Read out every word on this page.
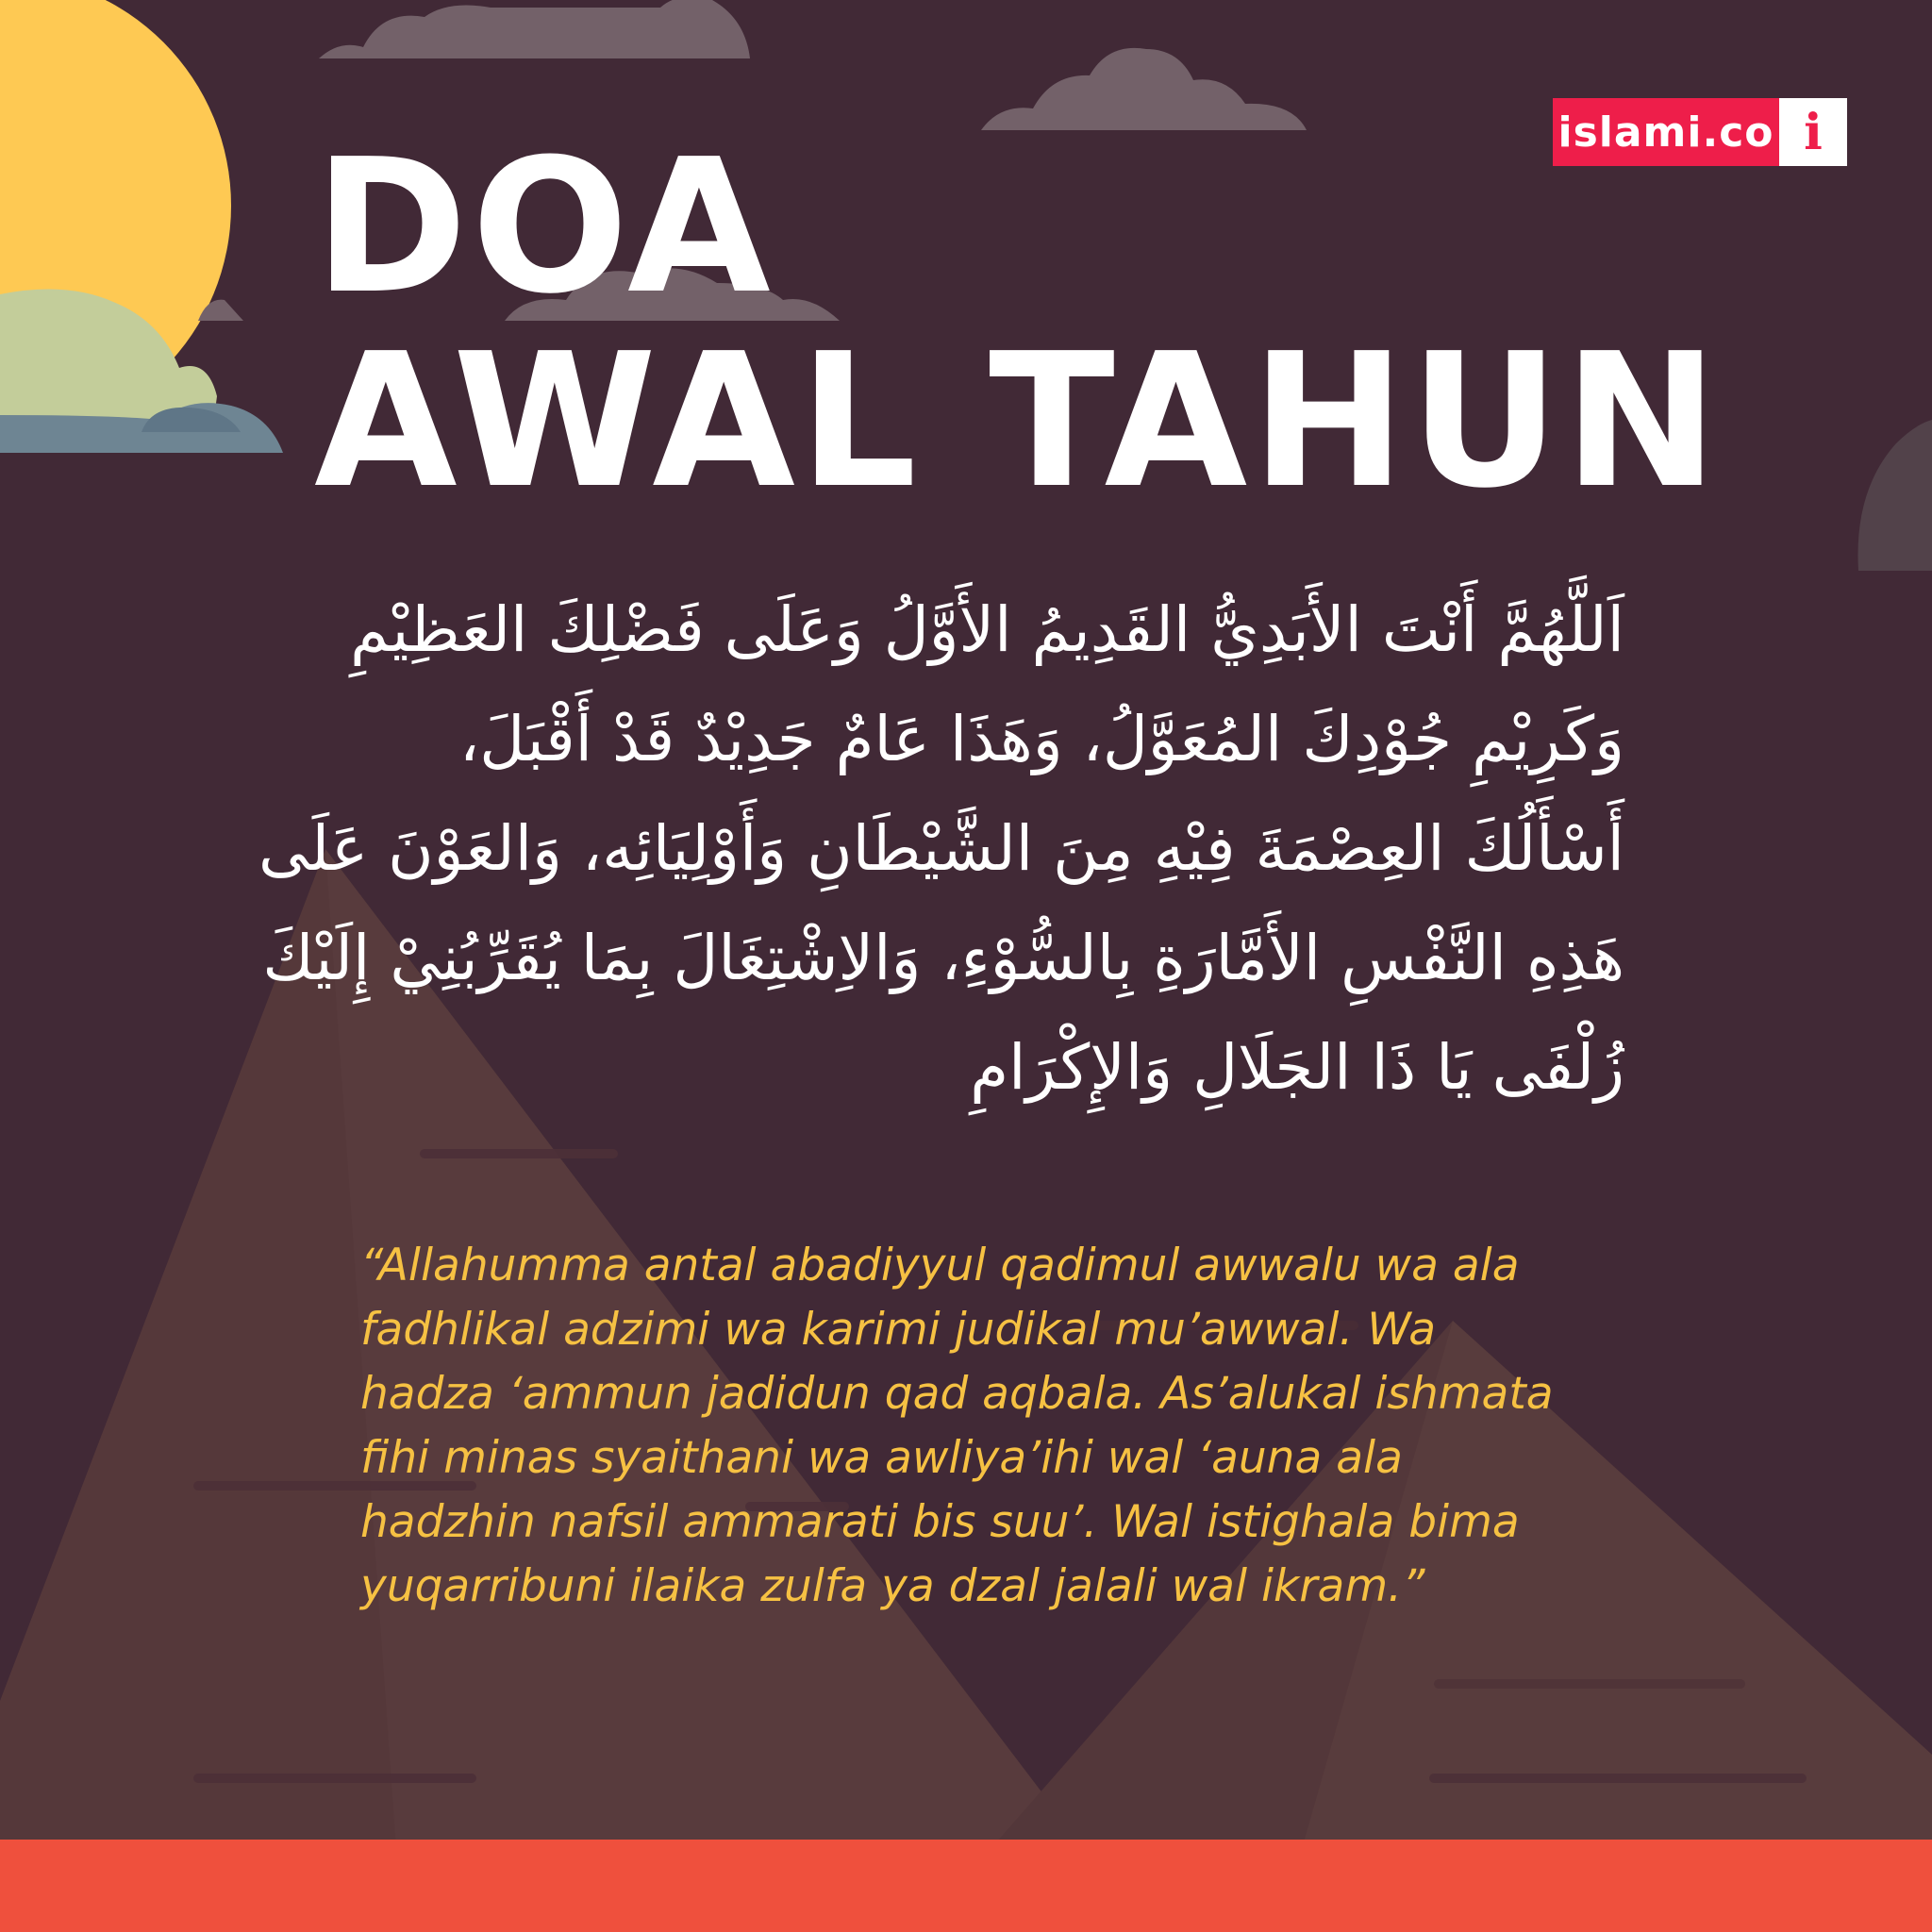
islami.co i
DOA
AWAL TAHUN
اَللَّهُمَّ أَنْتَ الأَبَدِيُّ القَدِيمُ الأَوَّلُ وَعَلَى فَضْلِكَ العَظِيْمِ
وَكَرِيْمِ جُوْدِكَ المُعَوَّلُ، وَهَذَا عَامٌ جَدِيْدٌ قَدْ أَقْبَلَ،
أَسْأَلُكَ العِصْمَةَ فِيْهِ مِنَ الشَّيْطَانِ وَأَوْلِيَائِه، وَالعَوْنَ عَلَى
هَذِهِ النَّفْسِ الأَمَّارَةِ بِالسُّوْءِ، وَالاِشْتِغَالَ بِمَا يُقَرِّبُنِيْ إِلَيْكَ
زُلْفَى يَا ذَا الجَلَالِ وَالإِكْرَامِ
“Allahumma antal abadiyyul qadimul awwalu wa ala
fadhlikal adzimi wa karimi judikal mu’awwal. Wa
hadza ‘ammun jadidun qad aqbala. As’alukal ishmata
fihi minas syaithani wa awliya’ihi wal ‘auna ala
hadzhin nafsil ammarati bis suu’. Wal istighala bima
yuqarribuni ilaika zulfa ya dzal jalali wal ikram.”
